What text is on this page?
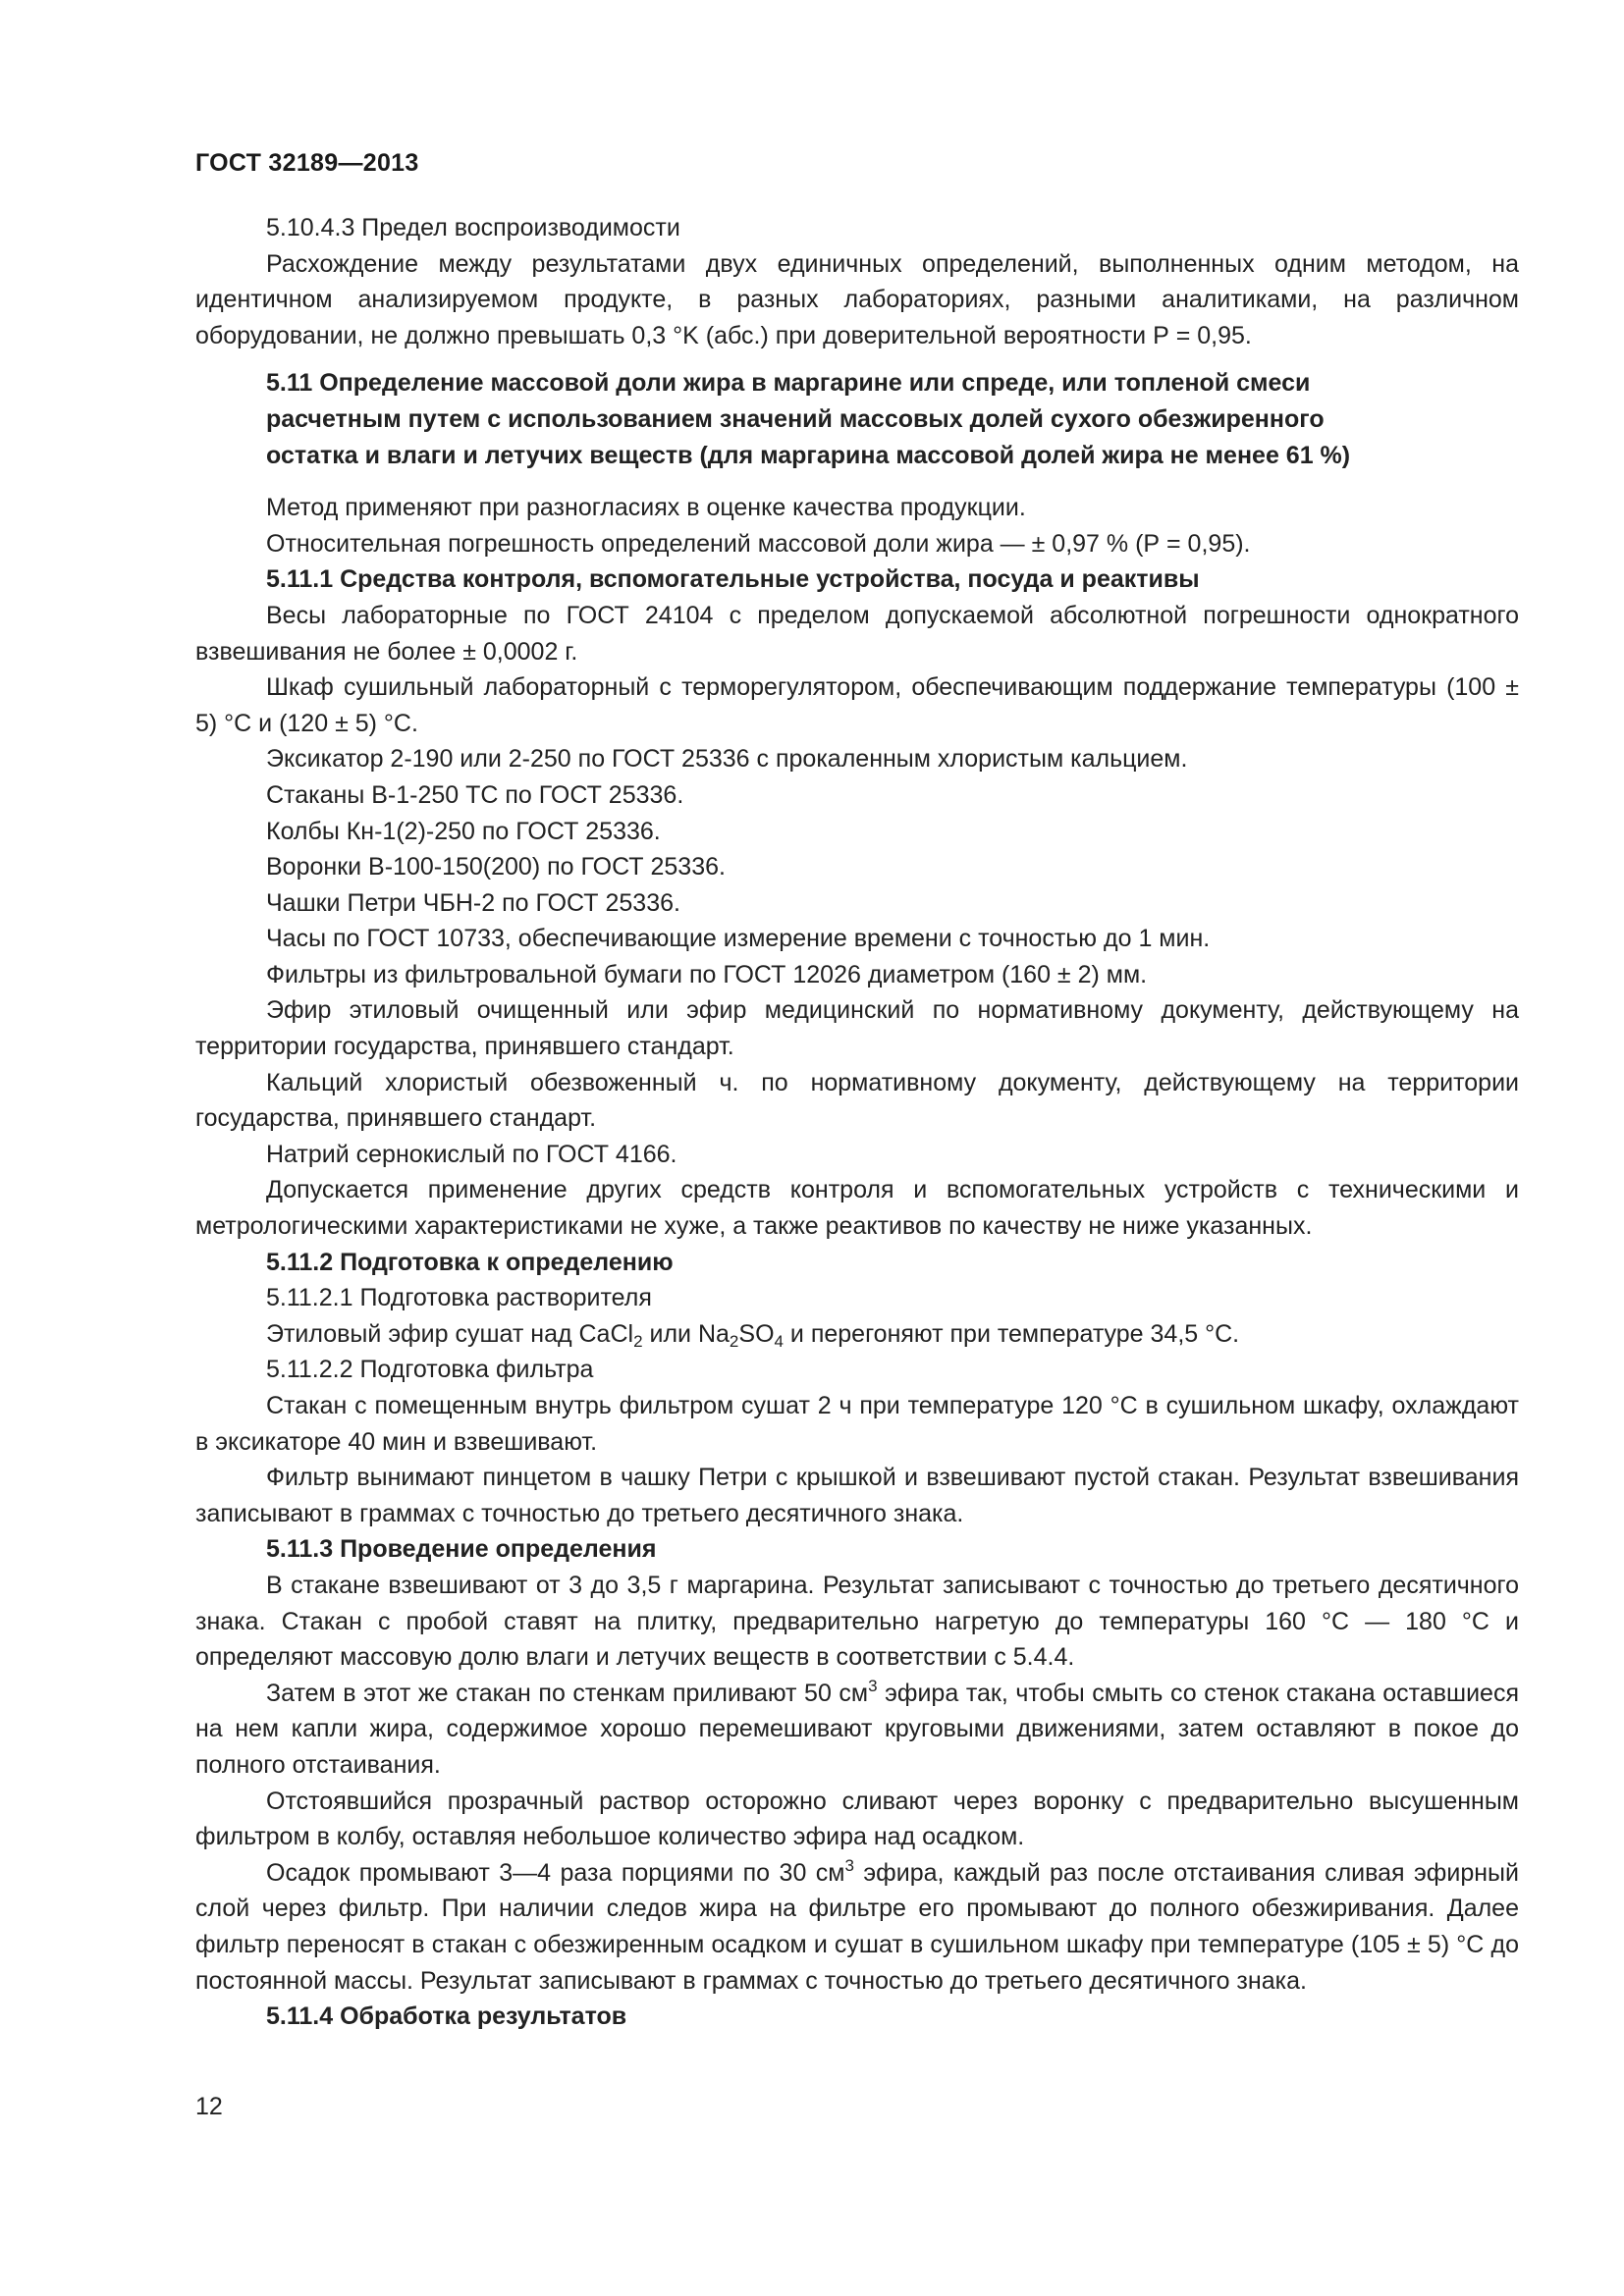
ГОСТ 32189—2013

5.10.4.3 Предел воспроизводимости

Расхождение между результатами двух единичных определений, выполненных одним методом, на идентичном анализируемом продукте, в разных лабораториях, разными аналитиками, на различном оборудовании, не должно превышать 0,3 °K (абс.) при доверительной вероятности Р = 0,95.

5.11 Определение массовой доли жира в маргарине или спреде, или топленой смеси
расчетным путем с использованием значений массовых долей сухого обезжиренного
остатка и влаги и летучих веществ (для маргарина массовой долей жира не менее 61 %)

Метод применяют при разногласиях в оценке качества продукции.

Относительная погрешность определений массовой доли жира — ± 0,97 % (Р = 0,95).

5.11.1 Средства контроля, вспомогательные устройства, посуда и реактивы

Весы лабораторные по ГОСТ 24104 с пределом допускаемой абсолютной погрешности однократного взвешивания не более ± 0,0002 г.

Шкаф сушильный лабораторный с терморегулятором, обеспечивающим поддержание температуры (100 ± 5) °С и (120 ± 5) °С.

Эксикатор 2-190 или 2-250 по ГОСТ 25336 с прокаленным хлористым кальцием.

Стаканы В-1-250 ТС по ГОСТ 25336.

Колбы Кн-1(2)-250 по ГОСТ 25336.

Воронки В-100-150(200) по ГОСТ 25336.

Чашки Петри ЧБН-2 по ГОСТ 25336.

Часы по ГОСТ 10733, обеспечивающие измерение времени с точностью до 1 мин.

Фильтры из фильтровальной бумаги по ГОСТ 12026 диаметром (160 ± 2) мм.

Эфир этиловый очищенный или эфир медицинский по нормативному документу, действующему на территории государства, принявшего стандарт.

Кальций хлористый обезвоженный ч. по нормативному документу, действующему на территории государства, принявшего стандарт.

Натрий сернокислый по ГОСТ 4166.

Допускается применение других средств контроля и вспомогательных устройств с техническими и метрологическими характеристиками не хуже, а также реактивов по качеству не ниже указанных.

5.11.2 Подготовка к определению

5.11.2.1 Подготовка растворителя

Этиловый эфир сушат над CaCl$_2$ или $Na_2SO_4$ и перегоняют при температуре 34,5 °С.

5.11.2.2 Подготовка фильтра

Стакан с помещенным внутрь фильтром сушат 2 ч при температуре 120 °С в сушильном шкафу, охлаждают в эксикаторе 40 мин и взвешивают.

Фильтр вынимают пинцетом в чашку Петри с крышкой и взвешивают пустой стакан. Результат взвешивания записывают в граммах с точностью до третьего десятичного знака.

5.11.3 Проведение определения

В стакане взвешивают от 3 до 3,5 г маргарина. Результат записывают с точностью до третьего десятичного знака. Стакан с пробой ставят на плитку, предварительно нагретую до температуры 160 °С — 180 °С и определяют массовую долю влаги и летучих веществ в соответствии с 5.4.4.

Затем в этот же стакан по стенкам приливают 50 $см^3$ эфира так, чтобы смыть со стенок стакана оставшиеся на нем капли жира, содержимое хорошо перемешивают круговыми движениями, затем оставляют в покое до полного отстаивания.

Отстоявшийся прозрачный раствор осторожно сливают через воронку с предварительно высушенным фильтром в колбу, оставляя небольшое количество эфира над осадком.

Осадок промывают 3—4 раза порциями по 30 $см^3$ эфира, каждый раз после отстаивания сливая эфирный слой через фильтр. При наличии следов жира на фильтре его промывают до полного обезжиривания. Далее фильтр переносят в стакан с обезжиренным осадком и сушат в сушильном шкафу при температуре (105 ± 5) °С до постоянной массы. Результат записывают в граммах с точностью до третьего десятичного знака.

5.11.4 Обработка результатов

12
